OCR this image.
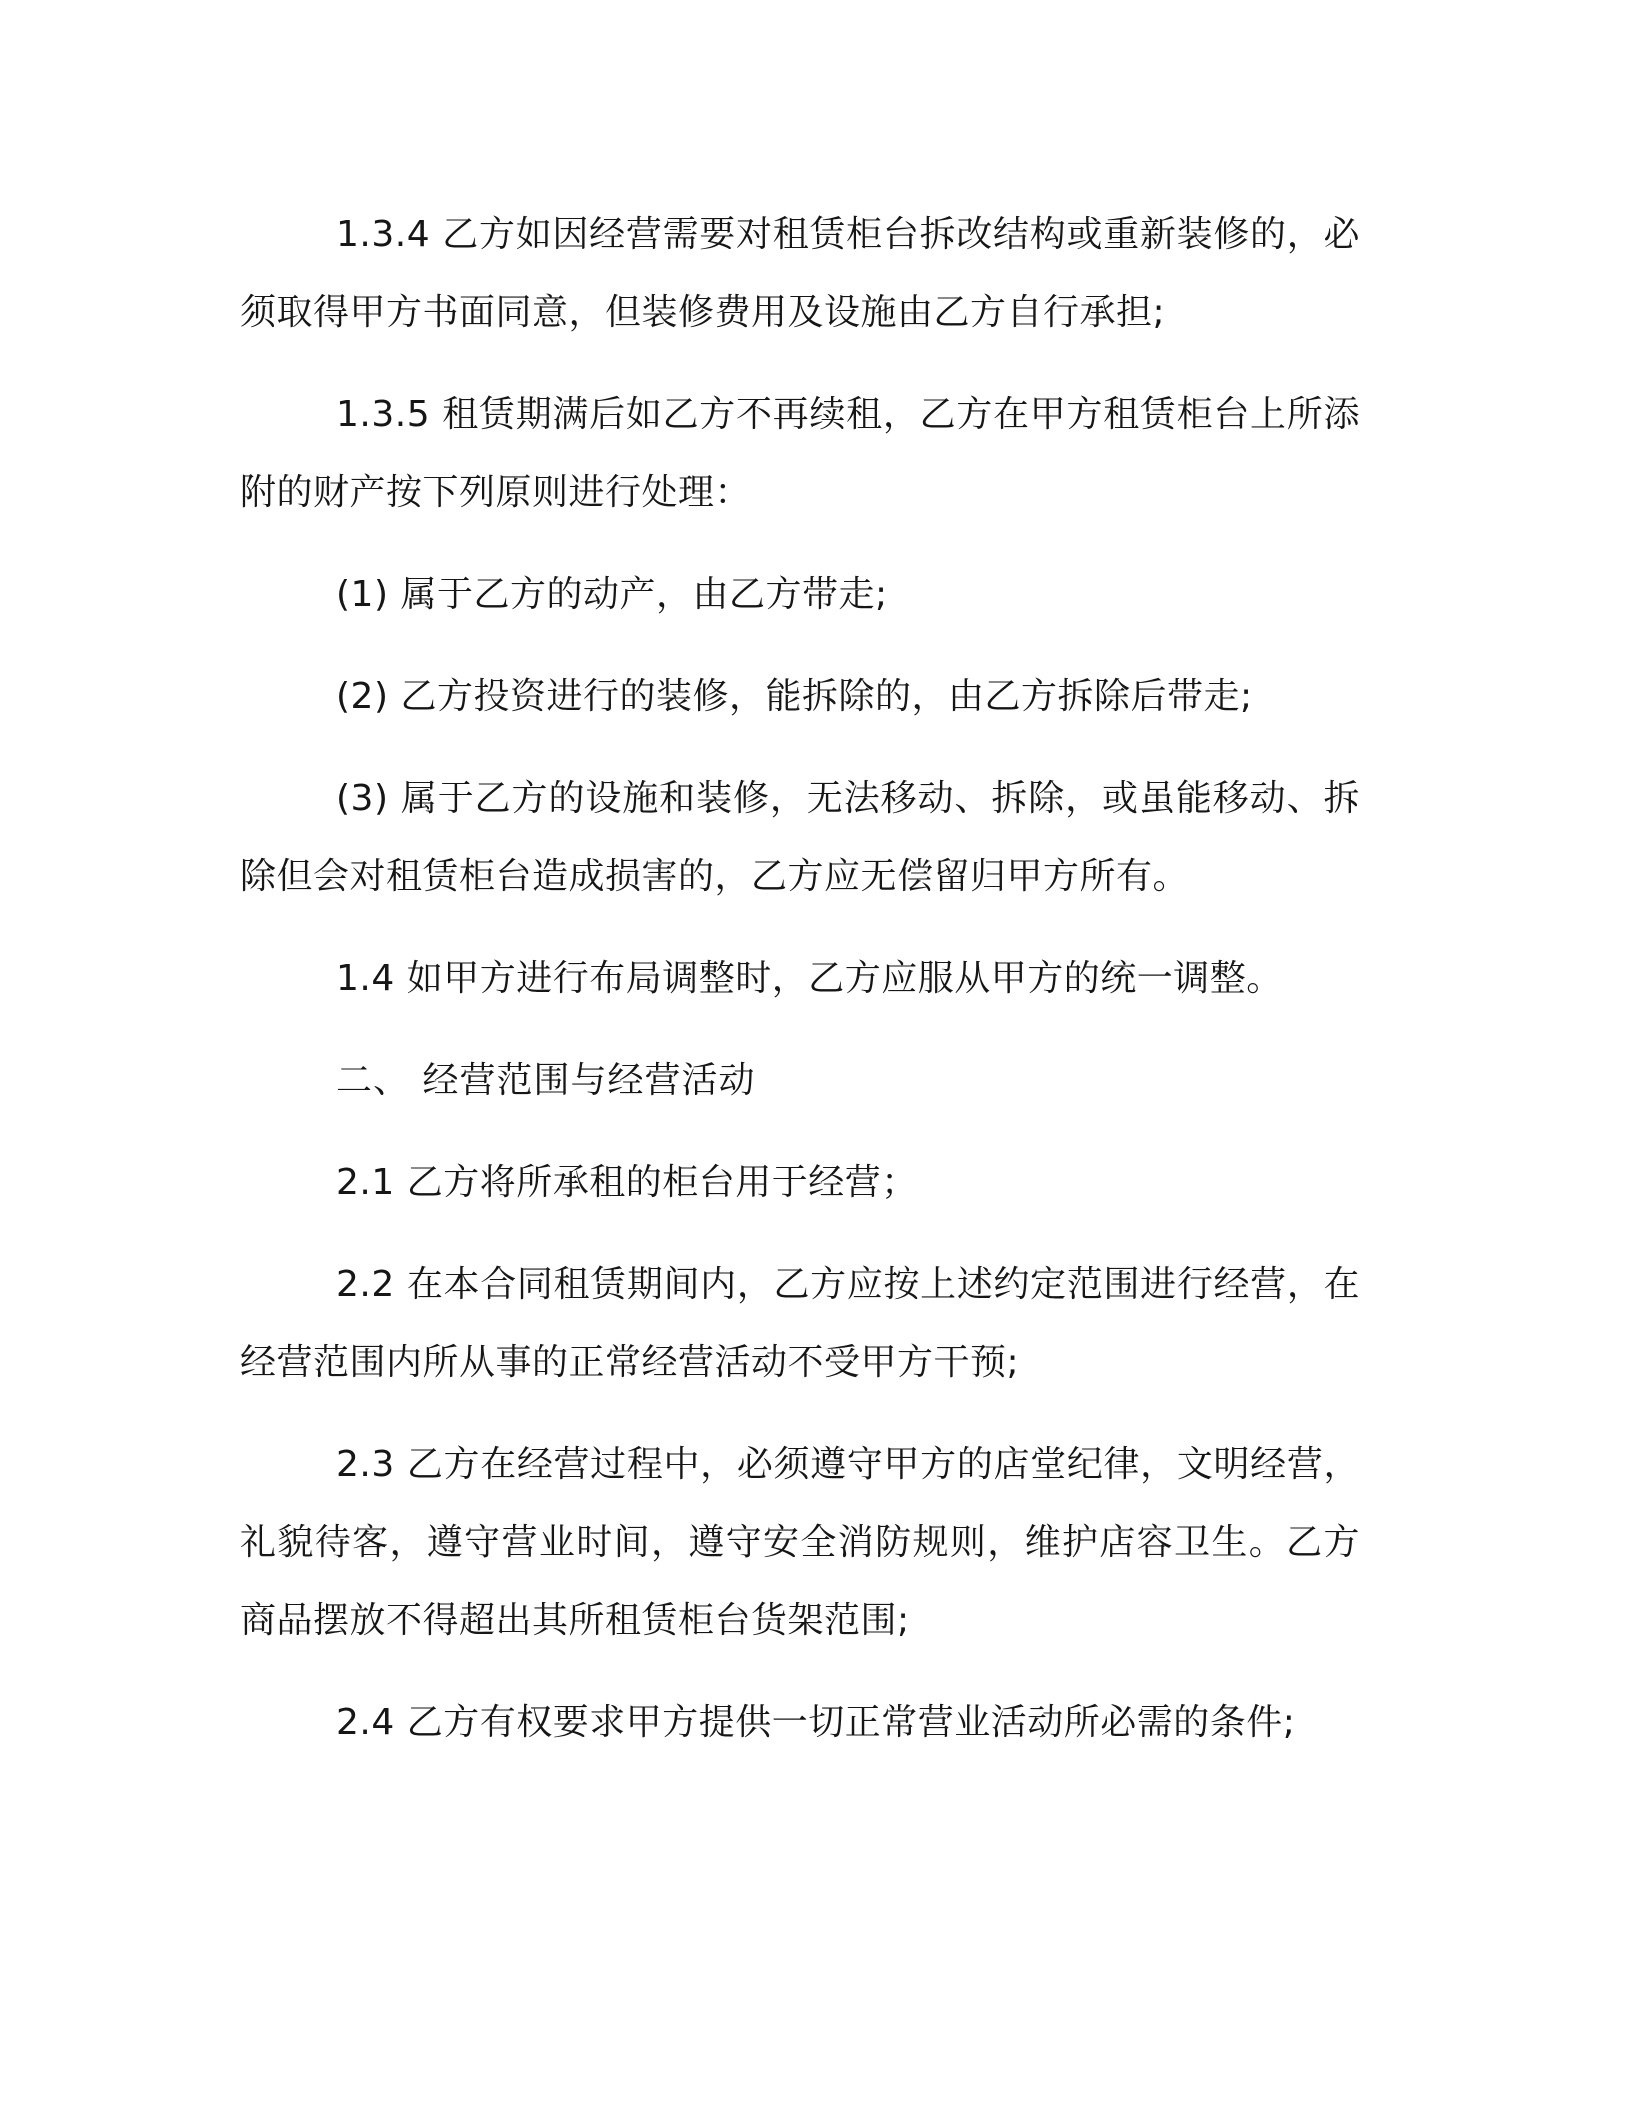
1.3.4 乙方如因经营需要对租赁柜台拆改结构或重新装修的，必须取得甲方书面同意，但装修费用及设施由乙方自行承担;

1.3.5 租赁期满后如乙方不再续租，乙方在甲方租赁柜台上所添附的财产按下列原则进行处理：

(1) 属于乙方的动产，由乙方带走;

(2) 乙方投资进行的装修，能拆除的，由乙方拆除后带走;

(3) 属于乙方的设施和装修，无法移动、拆除，或虽能移动、拆除但会对租赁柜台造成损害的，乙方应无偿留归甲方所有。

1.4 如甲方进行布局调整时，乙方应服从甲方的统一调整。

二、 经营范围与经营活动

2.1 乙方将所承租的柜台用于经营；

2.2 在本合同租赁期间内，乙方应按上述约定范围进行经营，在经营范围内所从事的正常经营活动不受甲方干预;

2.3 乙方在经营过程中，必须遵守甲方的店堂纪律，文明经营，礼貌待客，遵守营业时间，遵守安全消防规则，维护店容卫生。乙方商品摆放不得超出其所租赁柜台货架范围;

2.4 乙方有权要求甲方提供一切正常营业活动所必需的条件;
